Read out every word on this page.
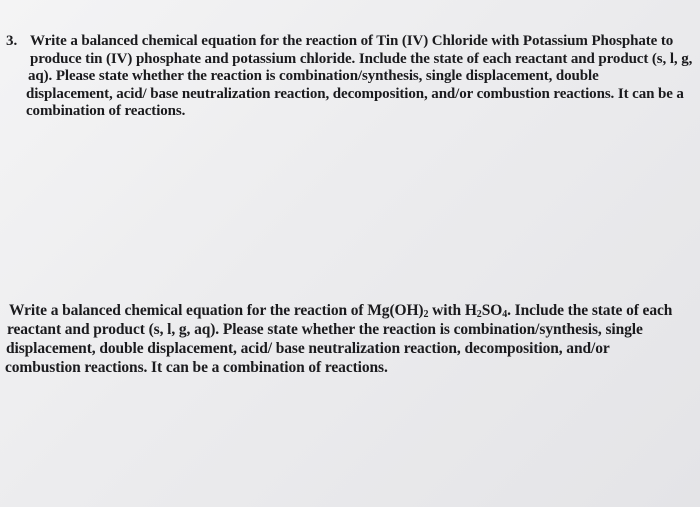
3. Write a balanced chemical equation for the reaction of Tin (IV) Chloride with Potassium Phosphate to
produce tin (IV) phosphate and potassium chloride. Include the state of each reactant and product (s, l, g,
aq). Please state whether the reaction is combination/synthesis, single displacement, double
displacement, acid/ base neutralization reaction, decomposition, and/or combustion reactions. It can be a
combination of reactions.
Write a balanced chemical equation for the reaction of $Mg(OH)_2$ with $H_2SO_4$. Include the state of each
reactant and product (s, l, g, aq). Please state whether the reaction is combination/synthesis, single
displacement, double displacement, acid/ base neutralization reaction, decomposition, and/or
combustion reactions. It can be a combination of reactions.
